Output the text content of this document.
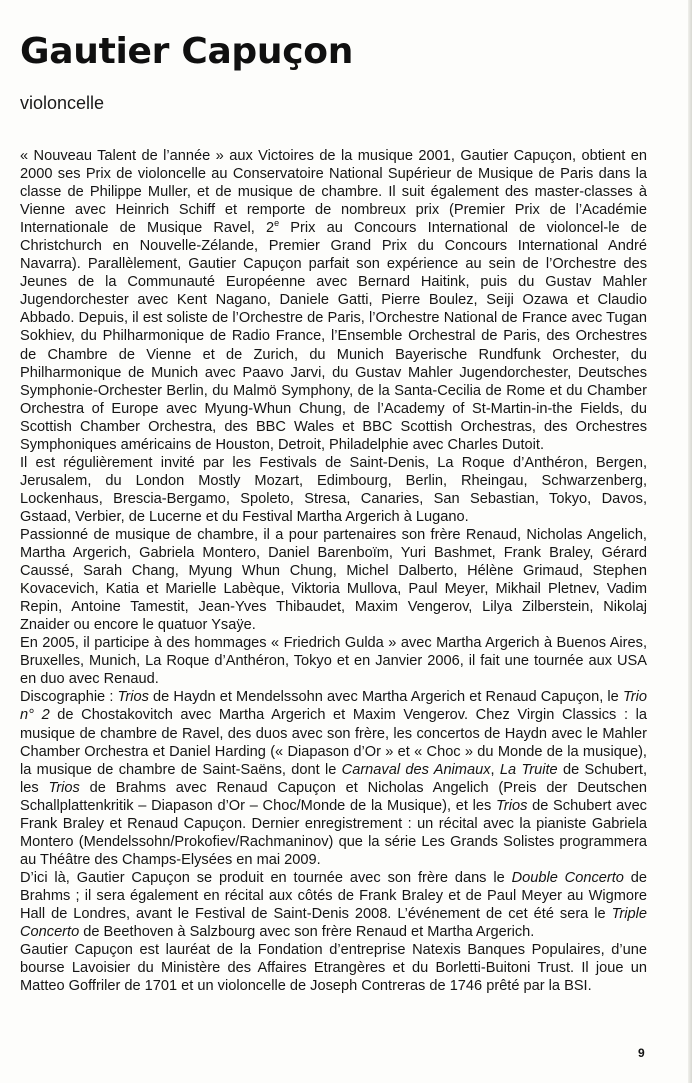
Gautier Capuçon
violoncelle

« Nouveau Talent de l’année » aux Victoires de la musique 2001, Gautier Capuçon, obtient en 2000 ses Prix de violoncelle au Conservatoire National Supérieur de Musique de Paris dans la classe de Philippe Muller, et de musique de chambre. Il suit également des master-classes à Vienne avec Heinrich Schiff et remporte de nombreux prix (Premier Prix de l’Académie Internationale de Musique Ravel, 2e Prix au Concours International de violoncel-le de Christchurch en Nouvelle-Zélande, Premier Grand Prix du Concours International André Navarra). Parallèlement, Gautier Capuçon parfait son expérience au sein de l’Orchestre des Jeunes de la Communauté Européenne avec Bernard Haitink, puis du Gustav Mahler Jugendorchester avec Kent Nagano, Daniele Gatti, Pierre Boulez, Seiji Ozawa et Claudio Abbado. Depuis, il est soliste de l’Orchestre de Paris, l’Orchestre National de France avec Tugan Sokhiev, du Philharmonique de Radio France, l’Ensemble Orchestral de Paris, des Orchestres de Chambre de Vienne et de Zurich, du Munich Bayerische Rundfunk Orchester, du Philharmonique de Munich avec Paavo Jarvi, du Gustav Mahler Jugendorchester, Deutsches Symphonie-Orchester Berlin, du Malmö Symphony, de la Santa-Cecilia de Rome et du Chamber Orchestra of Europe avec Myung-Whun Chung, de l’Academy of St-Martin-in-the Fields, du Scottish Chamber Orchestra, des BBC Wales et BBC Scottish Orchestras, des Orchestres Symphoniques américains de Houston, Detroit, Philadelphie avec Charles Dutoit.

Il est régulièrement invité par les Festivals de Saint-Denis, La Roque d’Anthéron, Bergen, Jerusalem, du London Mostly Mozart, Edimbourg, Berlin, Rheingau, Schwarzenberg, Lockenhaus, Brescia-Bergamo, Spoleto, Stresa, Canaries, San Sebastian, Tokyo, Davos, Gstaad, Verbier, de Lucerne et du Festival Martha Argerich à Lugano.

Passionné de musique de chambre, il a pour partenaires son frère Renaud, Nicholas Angelich, Martha Argerich, Gabriela Montero, Daniel Barenboïm, Yuri Bashmet, Frank Braley, Gérard Caussé, Sarah Chang, Myung Whun Chung, Michel Dalberto, Hélène Grimaud, Stephen Kovacevich, Katia et Marielle Labèque, Viktoria Mullova, Paul Meyer, Mikhail Pletnev, Vadim Repin, Antoine Tamestit, Jean-Yves Thibaudet, Maxim Vengerov, Lilya Zilberstein, Nikolaj Znaider ou encore le quatuor Ysaÿe.

En 2005, il participe à des hommages « Friedrich Gulda » avec Martha Argerich à Buenos Aires, Bruxelles, Munich, La Roque d’Anthéron, Tokyo et en Janvier 2006, il fait une tournée aux USA en duo avec Renaud.

Discographie : Trios de Haydn et Mendelssohn avec Martha Argerich et Renaud Capuçon, le Trio n° 2 de Chostakovitch avec Martha Argerich et Maxim Vengerov. Chez Virgin Classics : la musique de chambre de Ravel, des duos avec son frère, les concertos de Haydn avec le Mahler Chamber Orchestra et Daniel Harding (« Diapason d’Or » et « Choc » du Monde de la musique), la musique de chambre de Saint-Saëns, dont le Carnaval des Animaux, La Truite de Schubert, les Trios de Brahms avec Renaud Capuçon et Nicholas Angelich (Preis der Deutschen Schallplattenkritik – Diapason d’Or – Choc/Monde de la Musique), et les Trios de Schubert avec Frank Braley et Renaud Capuçon. Dernier enregistrement : un récital avec la pianiste Gabriela Montero (Mendelssohn/Prokofiev/Rachmaninov) que la série Les Grands Solistes programmera au Théâtre des Champs-Elysées en mai 2009.

D’ici là, Gautier Capuçon se produit en tournée avec son frère dans le Double Concerto de Brahms ; il sera également en récital aux côtés de Frank Braley et de Paul Meyer au Wigmore Hall de Londres, avant le Festival de Saint-Denis 2008. L’événement de cet été sera le Triple Concerto de Beethoven à Salzbourg avec son frère Renaud et Martha Argerich.

Gautier Capuçon est lauréat de la Fondation d’entreprise Natexis Banques Populaires, d’une bourse Lavoisier du Ministère des Affaires Etrangères et du Borletti-Buitoni Trust. Il joue un Matteo Goffriler de 1701 et un violoncelle de Joseph Contreras de 1746 prêté par la BSI.

9
